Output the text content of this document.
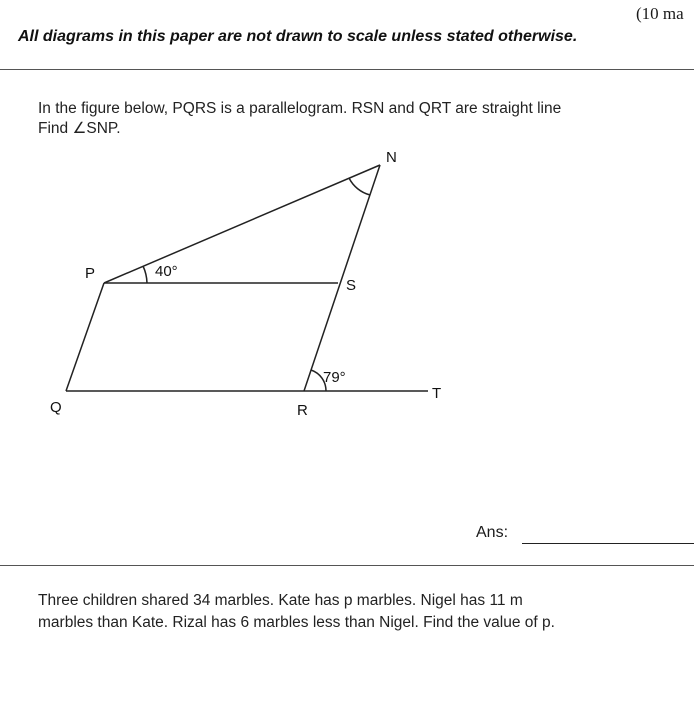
(10 ma
All diagrams in this paper are not drawn to scale unless stated otherwise.
In the figure below, PQRS is a parallelogram. RSN and QRT are straight line
Find ∠SNP.
P
Q	R
S
N
T
40°
79°
Ans:
Three children shared 34 marbles. Kate has p marbles. Nigel has 11 m
marbles than Kate. Rizal has 6 marbles less than Nigel. Find the value of p.
